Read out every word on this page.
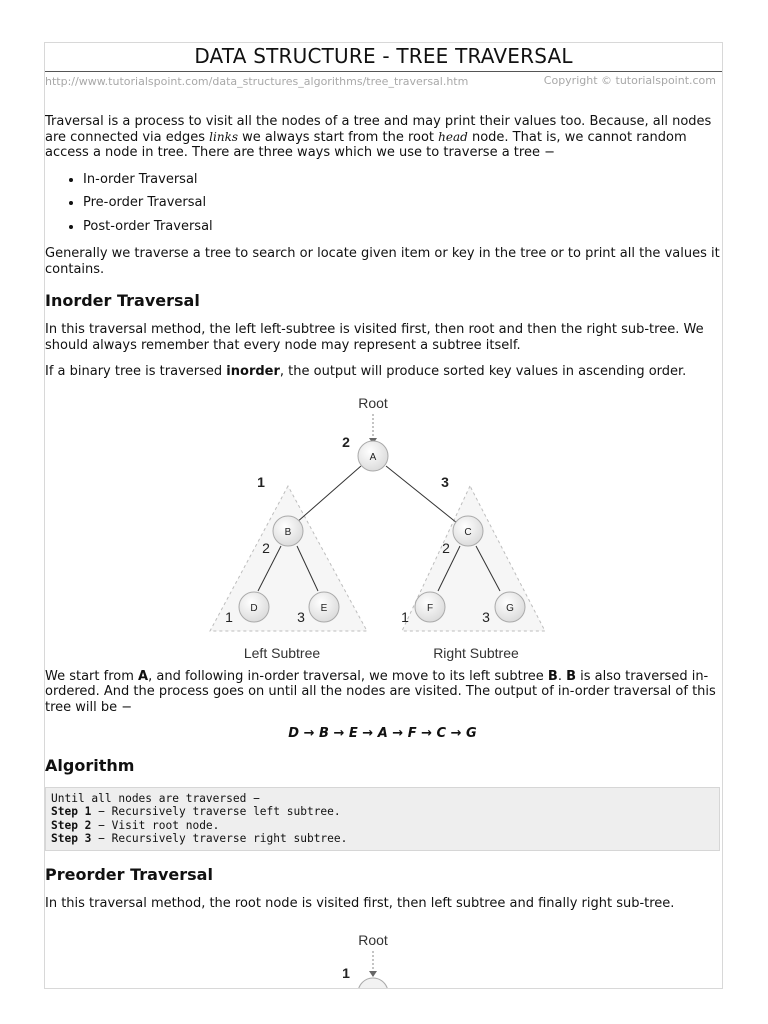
DATA STRUCTURE - TREE TRAVERSAL
http://www.tutorialspoint.com/data_structures_algorithms/tree_traversal.htm	Copyright © tutorialspoint.com

Traversal is a process to visit all the nodes of a tree and may print their values too. Because, all nodes are connected via edges links we always start from the root head node. That is, we cannot random access a node in tree. There are three ways which we use to traverse a tree −

• In-order Traversal
• Pre-order Traversal
• Post-order Traversal

Generally we traverse a tree to search or locate given item or key in the tree or to print all the values it contains.

Inorder Traversal

In this traversal method, the left left-subtree is visited first, then root and then the right sub-tree. We should always remember that every node may represent a subtree itself.

If a binary tree is traversed inorder, the output will produce sorted key values in ascending order.

Root
A
B	C
D	E	F	G
2
1	3
2	2
1	3	1	3
Left Subtree	Right Subtree

We start from A, and following in-order traversal, we move to its left subtree B. B is also traversed in-ordered. And the process goes on until all the nodes are visited. The output of in-order traversal of this tree will be −

D → B → E → A → F → C → G
Algorithm
Until all nodes are traversed −
Step 1 − Recursively traverse left subtree.
Step 2 − Visit root node.
Step 3 − Recursively traverse right subtree.
Preorder Traversal

In this traversal method, the root node is visited first, then left subtree and finally right sub-tree.

Root
1
